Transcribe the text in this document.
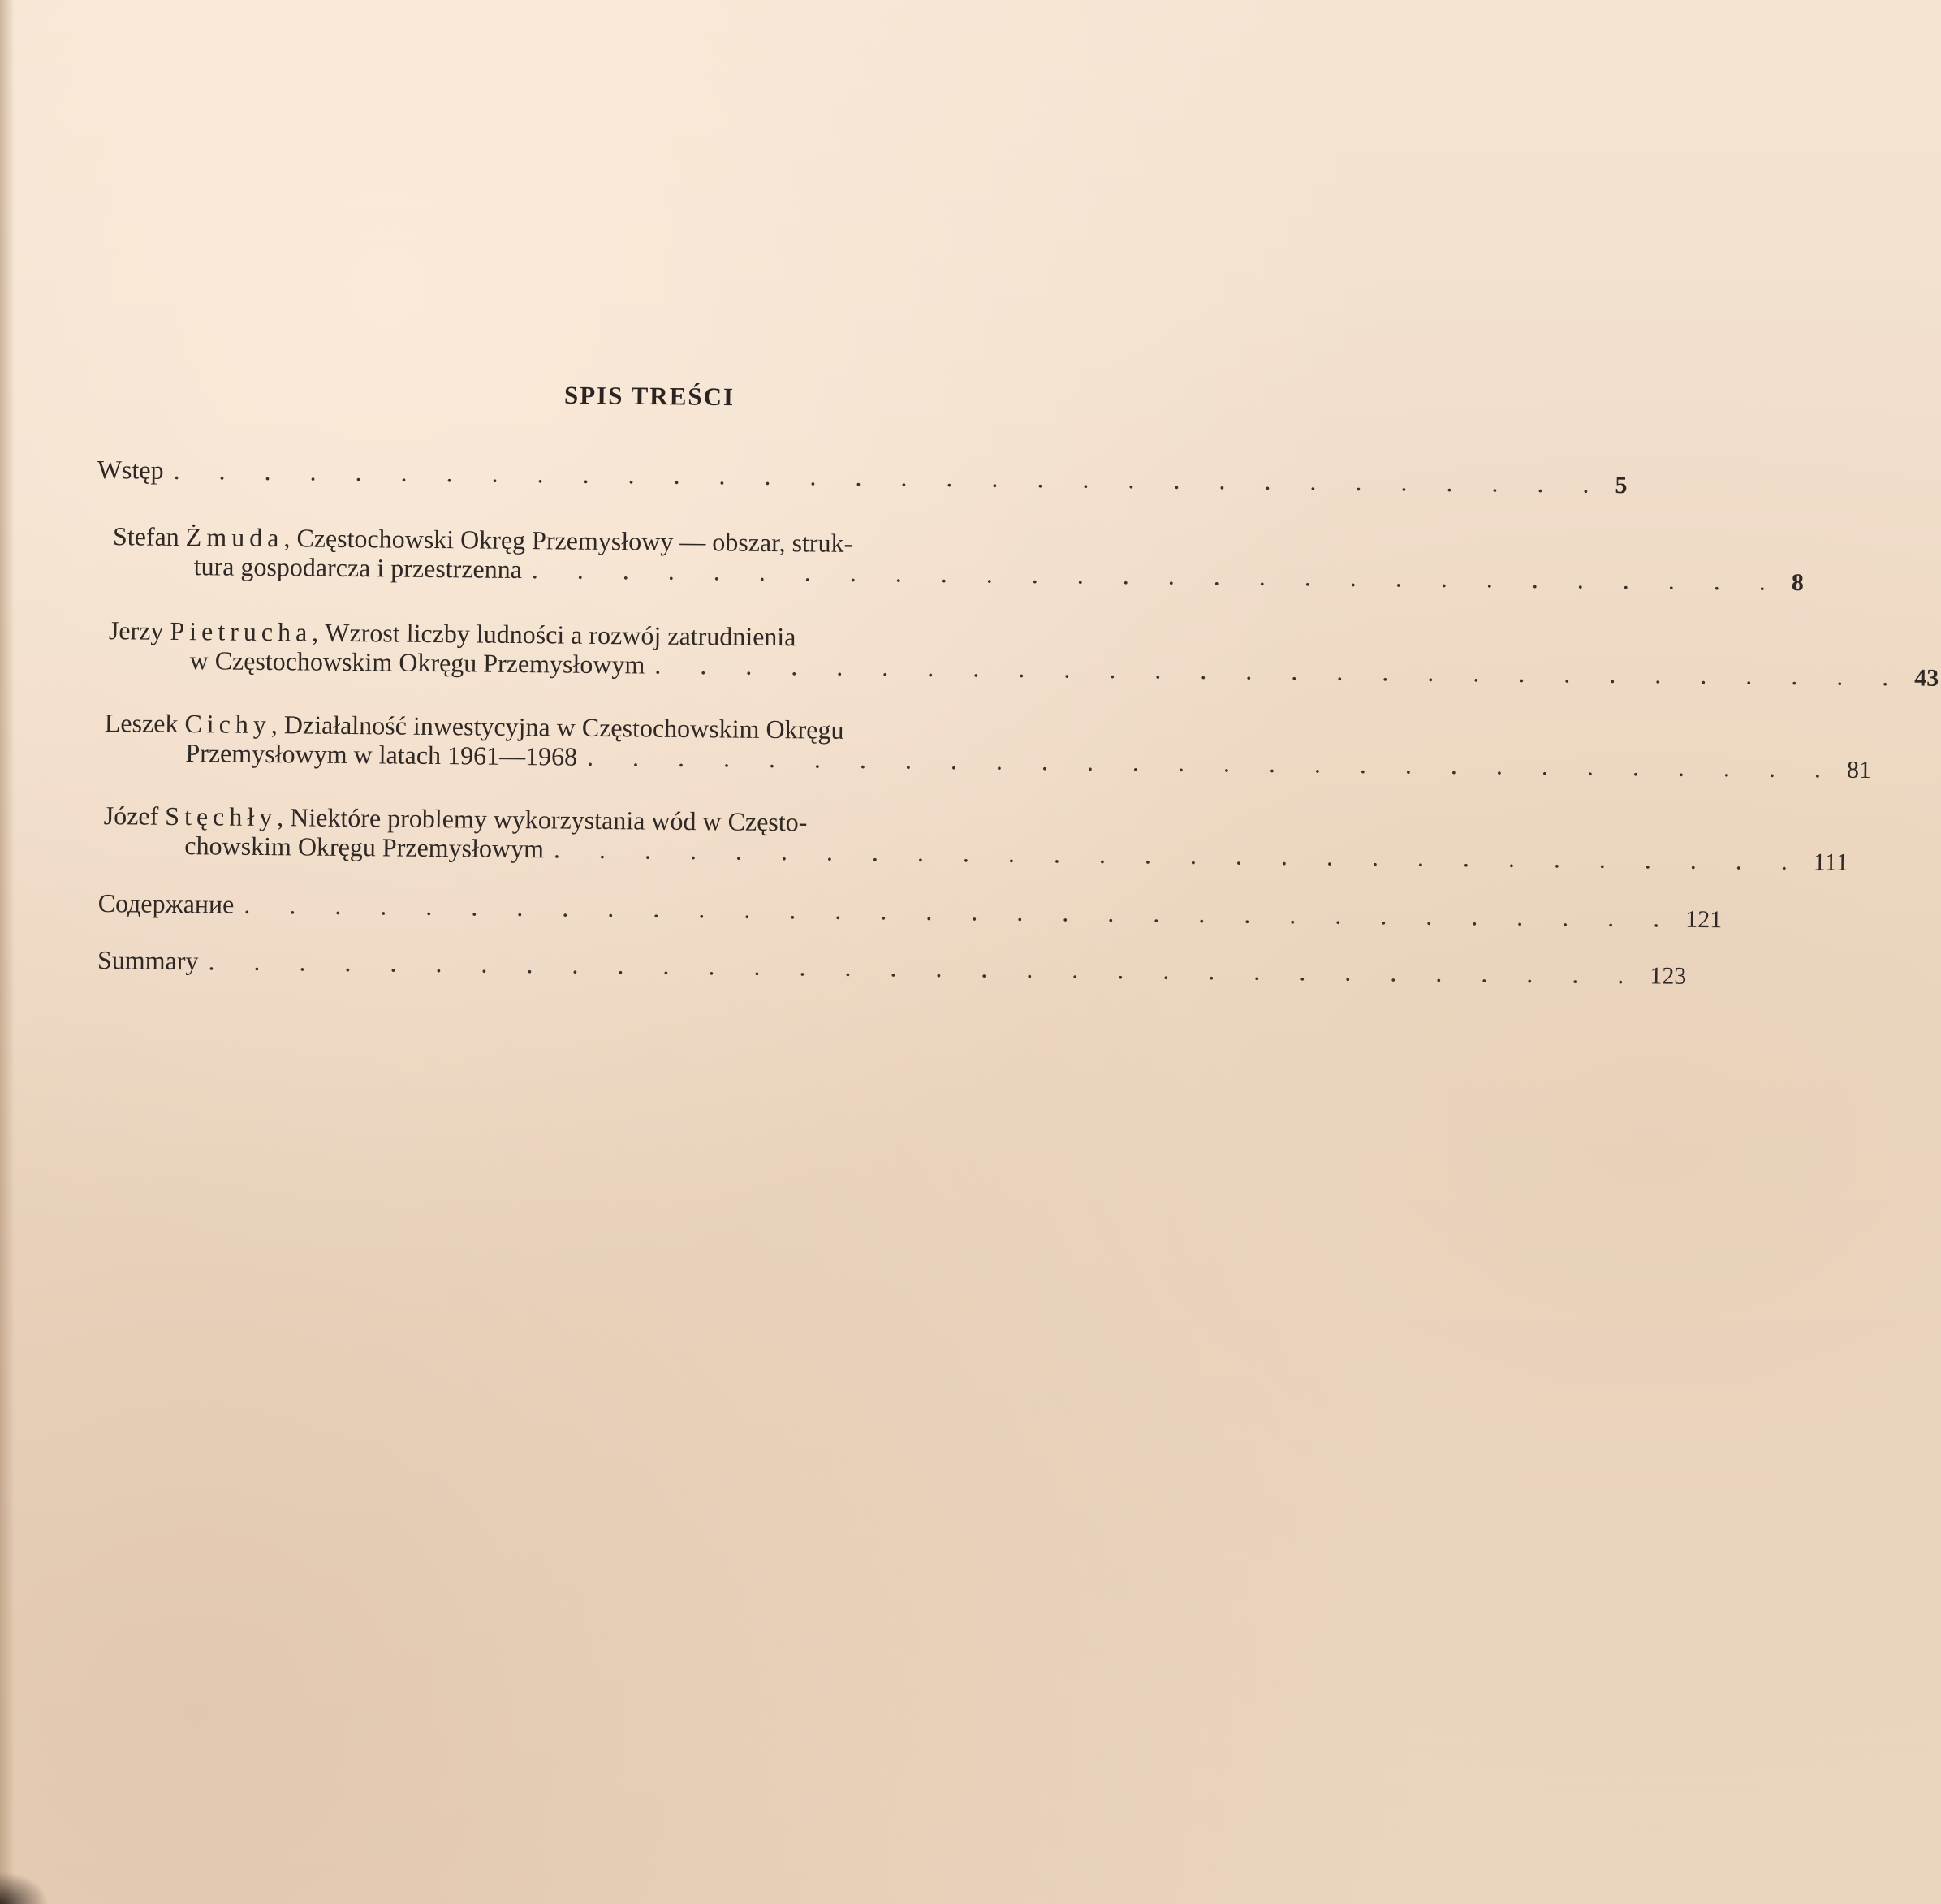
SPIS TREŚCI
Wstęp . . . . . . . . . . . . . . . . . . . . . . . . . . . . . . . . 5
Stefan
Żmuda , Częstochowski Okręg Przemysłowy — obszar, struk-
tura gospodarcza i przestrzenna . . . . . . . . . . . . . . . . . . . . . . . . . . . . 8
Jerzy
Pietrucha , Wzrost liczby ludności a rozwój zatrudnienia
w Częstochowskim Okręgu Przemysłowym . . . . . . . . . . . . . . . . . . . . . . . . . . . . 43
Leszek
Cichy , Działalność inwestycyjna w Częstochowskim Okręgu
Przemysłowym w latach 1961—1968 . . . . . . . . . . . . . . . . . . . . . . . . . . . . 81
Józef
Stęchły , Niektóre problemy wykorzystania wód w Często-
chowskim Okręgu Przemysłowym . . . . . . . . . . . . . . . . . . . . . . . . . . . . 111
Содержание . . . . . . . . . . . . . . . . . . . . . . . . . . . . . . . . 121
Summary . . . . . . . . . . . . . . . . . . . . . . . . . . . . . . . . 123
